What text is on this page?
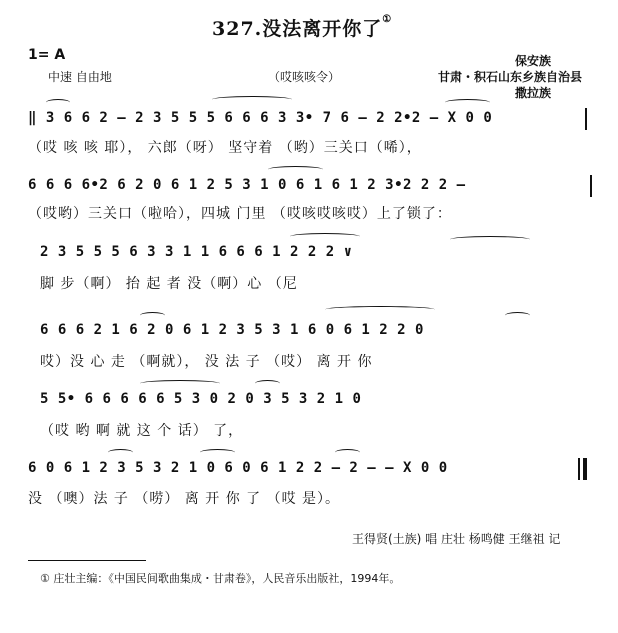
327.没法离开你了①
1= A
中速 自由地	（哎咳咳令）
保安族
甘肃・积石山东乡族自治县
撒拉族
‖ 3 6 6 2 — 2 3 5 5 5 6 6 6 3 3• 7 6 — 2 2•2 — X 0 0
（哎 咳 咳 耶）， 六郎（呀） 坚守着 （哟）三关口（唏），
6 6 6 6•2 6 2 0 6 1 2 5 3 1 0 6 1 6 1 2 3•2 2 2 —
（哎哟）三关口（啦哈），四城 门里 （哎咳哎咳哎）上了锁了：
2 3 5 5 5 6 3 3 1 1 6 6 6 1 2 2 2 ∨
脚 步（啊） 抬 起 者 没（啊）心 （尼
6 6 6 2 1 6 2 0 6 1 2 3 5 3 1 6 0 6 1 2 2 0
哎）没 心 走 （啊就）， 没 法 子 （哎） 离 开 你
5 5• 6 6 6 6 6 5 3 0 2 0 3 5 3 2 1 0
（哎 哟 啊 就 这 个 话） 了，
6 0 6 1 2 3 5 3 2 1 0 6 0 6 1 2 2 — 2 — — X 0 0
没 （噢）法 子 （唠） 离 开 你 了 （哎 是）。
王得贤(土族) 唱 庄壮 杨鸣健 王继祖 记
① 庄壮主编：《中国民间歌曲集成・甘肃卷》，人民音乐出版社，1994年。
